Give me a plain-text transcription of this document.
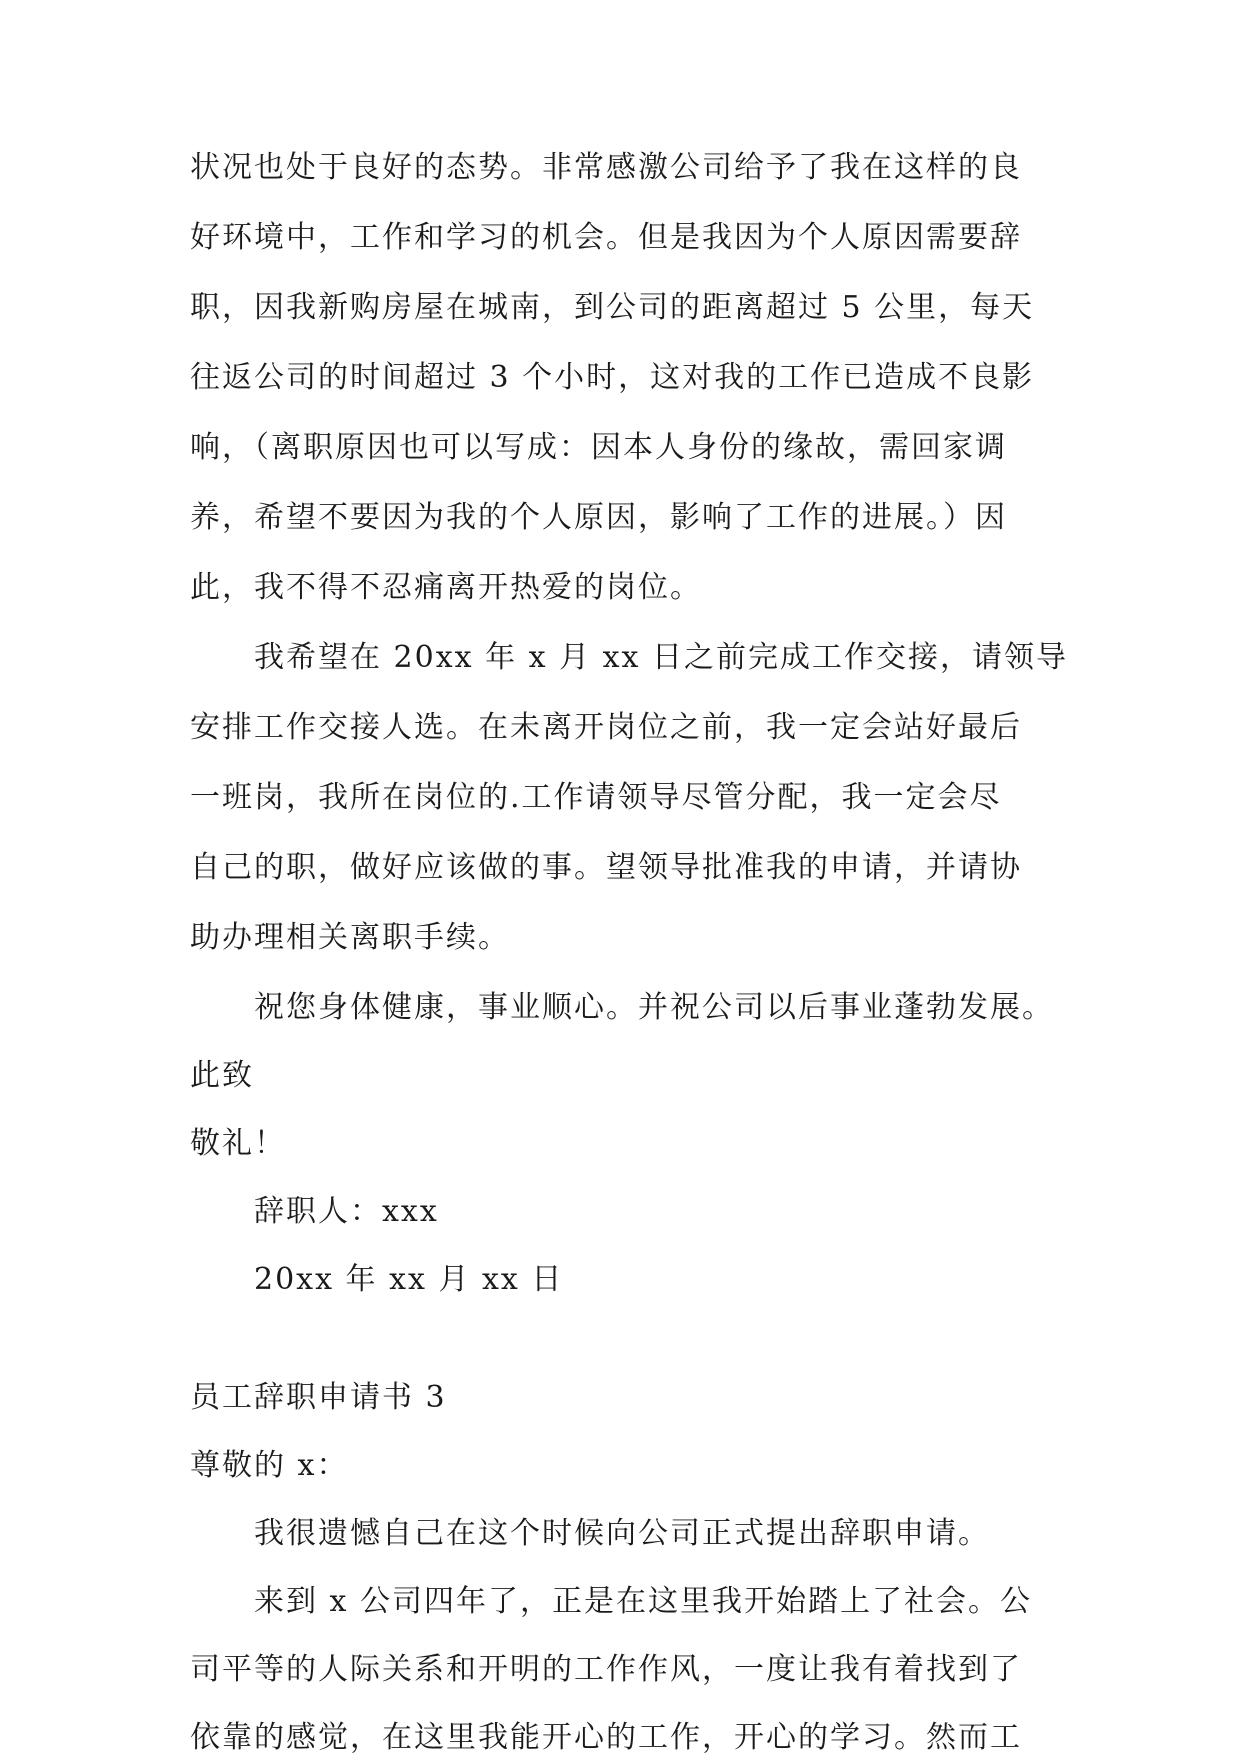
状况也处于良好的态势。非常感激公司给予了我在这样的良
好环境中，工作和学习的机会。但是我因为个人原因需要辞
职，因我新购房屋在城南，到公司的距离超过 5 公里，每天
往返公司的时间超过 3 个小时，这对我的工作已造成不良影
响，（离职原因也可以写成：因本人身份的缘故，需回家调
养，希望不要因为我的个人原因，影响了工作的进展。）因
此，我不得不忍痛离开热爱的岗位。
我希望在 20xx 年 x 月 xx 日之前完成工作交接，请领导
安排工作交接人选。在未离开岗位之前，我一定会站好最后
一班岗，我所在岗位的.工作请领导尽管分配，我一定会尽
自己的职，做好应该做的事。望领导批准我的申请，并请协
助办理相关离职手续。
祝您身体健康，事业顺心。并祝公司以后事业蓬勃发展。
此致
敬礼！
辞职人：xxx
20xx 年 xx 月 xx 日
员工辞职申请书 3
尊敬的 x：
我很遗憾自己在这个时候向公司正式提出辞职申请。
来到 x 公司四年了，正是在这里我开始踏上了社会。公
司平等的人际关系和开明的工作作风，一度让我有着找到了
依靠的感觉，在这里我能开心的工作，开心的学习。然而工
